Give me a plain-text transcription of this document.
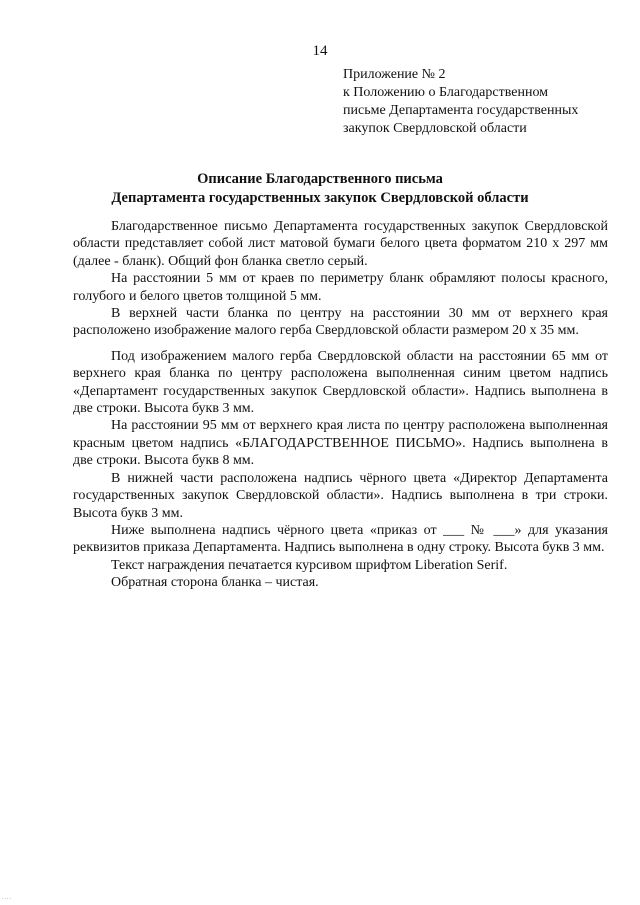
14
Приложение № 2
к Положению о Благодарственном
письме Департамента государственных
закупок Свердловской области
Описание Благодарственного письма
Департамента государственных закупок Свердловской области

Благодарственное письмо Департамента государственных закупок Свердловской области представляет собой лист матовой бумаги белого цвета форматом 210 х 297 мм (далее - бланк). Общий фон бланка светло серый.

На расстоянии 5 мм от краев по периметру бланк обрамляют полосы красного, голубого и белого цветов толщиной 5 мм.

В верхней части бланка по центру на расстоянии 30 мм от верхнего края расположено изображение малого герба Свердловской области размером 20 х 35 мм.

Под изображением малого герба Свердловской области на расстоянии 65 мм от верхнего края бланка по центру расположена выполненная синим цветом надпись «Департамент государственных закупок Свердловской области». Надпись выполнена в две строки. Высота букв 3 мм.

На расстоянии 95 мм от верхнего края листа по центру расположена выполненная красным цветом надпись «БЛАГОДАРСТВЕННОЕ ПИСЬМО». Надпись выполнена в две строки. Высота букв 8 мм.

В нижней части расположена надпись чёрного цвета «Директор Департамента государственных закупок Свердловской области». Надпись выполнена в три строки. Высота букв 3 мм.

Ниже выполнена надпись чёрного цвета «приказ от ___ № ___» для указания реквизитов приказа Департамента. Надпись выполнена в одну строку. Высота букв 3 мм.

Текст награждения печатается курсивом шрифтом Liberation Serif.

Обратная сторона бланка – чистая.

....
